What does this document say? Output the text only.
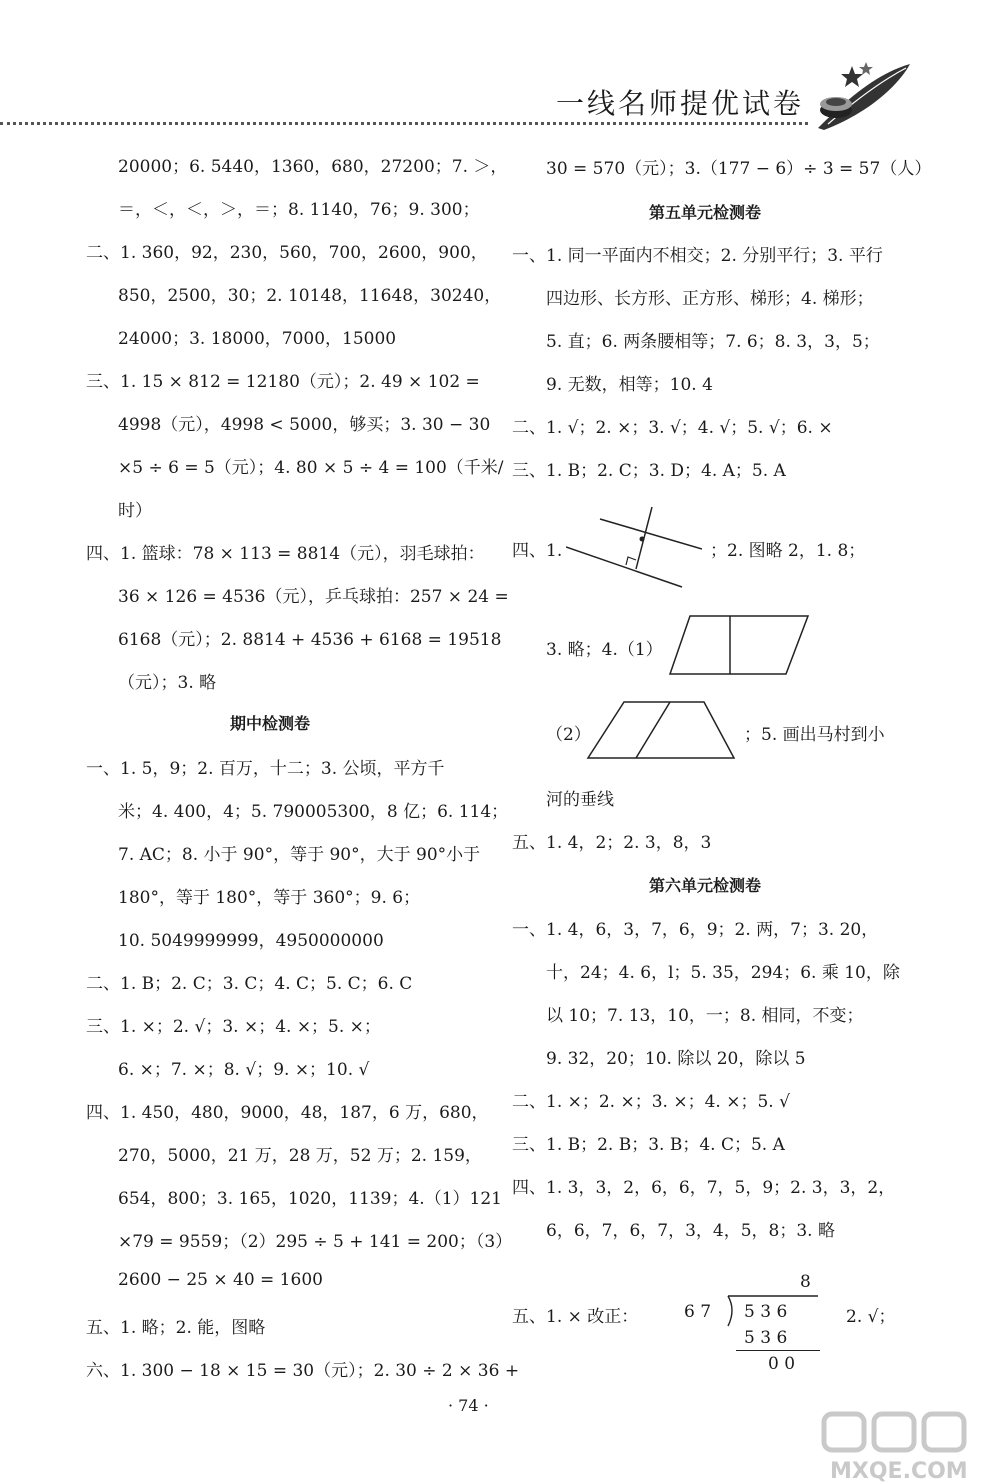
一线名师提优试卷
20000；6. 5440，1360，680，27200；7. ＞，
＝，＜，＜，＞，＝；8. 1140，76；9. 300；
二、1. 360，92，230，560，700，2600，900，
850，2500，30；2. 10148，11648，30240，
24000；3. 18000，7000，15000
三、1. 15 × 812 = 12180（元）；2. 49 × 102 =
4998（元），4998 < 5000，够买；3. 30 − 30
×5 ÷ 6 = 5（元）；4. 80 × 5 ÷ 4 = 100（千米/
时）
四、1. 篮球：78 × 113 = 8814（元），羽毛球拍：
36 × 126 = 4536（元），乒乓球拍：257 × 24 =
6168（元）；2. 8814 + 4536 + 6168 = 19518
（元）；3. 略
期中检测卷
一、1. 5，9；2. 百万，十二；3. 公顷，平方千
米；4. 400，4；5. 790005300，8 亿；6. 114；
7. AC；8. 小于 90°，等于 90°，大于 90°小于
180°，等于 180°，等于 360°；9. 6；
10. 5049999999，4950000000
二、1. B；2. C；3. C；4. C；5. C；6. C
三、1. ×；2. √；3. ×；4. ×；5. ×；
6. ×；7. ×；8. √；9. ×；10. √
四、1. 450，480，9000，48，187，6 万，680，
270，5000，21 万，28 万，52 万；2. 159，
654，800；3. 165，1020，1139；4.（1）121
×79 = 9559；（2）295 ÷ 5 + 141 = 200；（3）
2600 − 25 × 40 = 1600
五、1. 略；2. 能，图略
六、1. 300 − 18 × 15 = 30（元）；2. 30 ÷ 2 × 36 +
30 = 570（元）；3.（177 − 6）÷ 3 = 57（人）
第五单元检测卷
一、1. 同一平面内不相交；2. 分别平行；3. 平行
四边形、长方形、正方形、梯形；4. 梯形；
5. 直；6. 两条腰相等；7. 6；8. 3，3，5；
9. 无数，相等；10. 4
二、1. √；2. ×；3. √；4. √；5. √；6. ×
三、1. B；2. C；3. D；4. A；5. A
四、1.	；2. 图略 2，1. 8；
3. 略；4.（1）
（2）	；5. 画出马村到小
河的垂线
五、1. 4，2；2. 3，8，3
第六单元检测卷
一、1. 4，6，3，7，6，9；2. 两，7；3. 20，
十，24；4. 6，l；5. 35，294；6. 乘 10，除
以 10；7. 13，10，一；8. 相同，不变；
9. 32，20；10. 除以 20，除以 5
二、1. ×；2. ×；3. ×；4. ×；5. √
三、1. B；2. B；3. B；4. C；5. A
四、1. 3，3，2，6，6，7，5，9；2. 3，3，2，
6，6，7，6，7，3，4，5，8；3. 略
五、1. × 改正：	2. √；
8
6 7 5 3 6
5 3 6
0 0
· 74 ·
MXQE.COM
